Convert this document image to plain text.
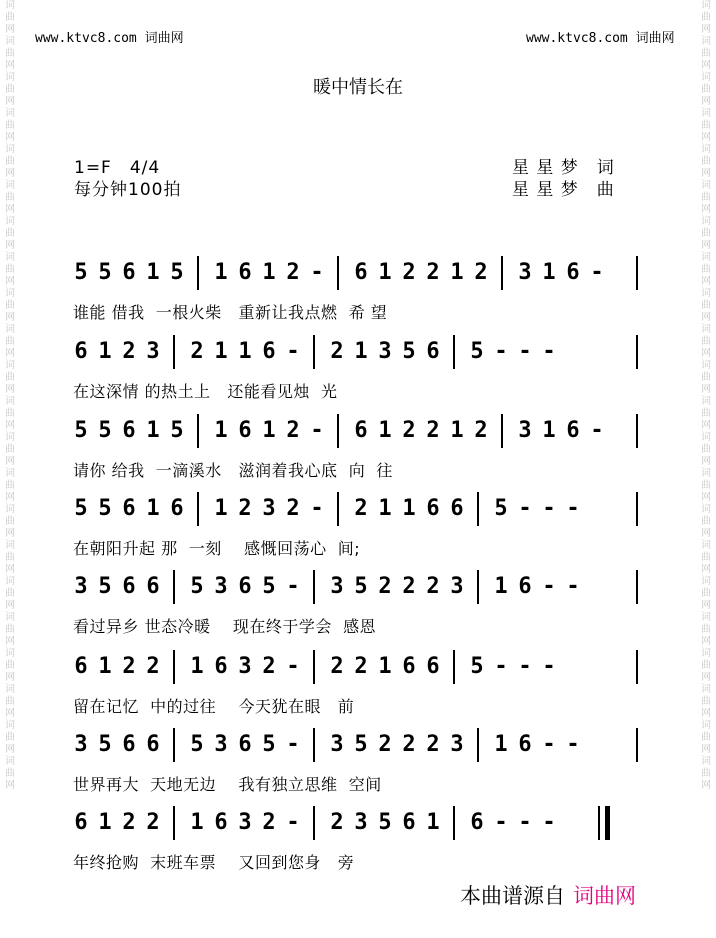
词曲网
词曲网
词曲网
词曲网
词曲网
词曲网
词曲网
词曲网
词曲网
词曲网
词曲网
词曲网
词曲网
词曲网
词曲网
词曲网
词曲网
词曲网
词曲网
词曲网
词曲网
词曲网
词曲网
词曲网
词曲网
词曲网
词曲网
词曲网
词曲网
词曲网
词曲网
词曲网
词曲网
词曲网
词曲网
词曲网
词曲网
词曲网
词曲网
词曲网
词曲网
词曲网
词曲网
词曲网
www.ktvc8.com 词曲网	www.ktvc8.com 词曲网
暖中情长在
1=F　4/4
每分钟100拍
星 星 梦　词
星 星 梦　曲
5 5 6 1 5 1 6 1 2 - 6 1 2 2 1 2 3 1 6 -
谁能 借我  一根火柴   重新让我点燃  希 望
6 1 2 3 2 1 1 6 - 2 1 3 5 6 5 - - -
在这深情 的热土上   还能看见烛  光
5 5 6 1 5 1 6 1 2 - 6 1 2 2 1 2 3 1 6 -
请你 给我  一滴溪水   滋润着我心底  向  往
5 5 6 1 6 1 2 3 2 - 2 1 1 6 6 5 - - -
在朝阳升起 那  一刻    感慨回荡心  间;
3 5 6 6 5 3 6 5 - 3 5 2 2 2 3 1 6 - -
看过异乡 世态冷暖    现在终于学会  感恩
6 1 2 2 1 6 3 2 - 2 2 1 6 6 5 - - -
留在记忆  中的过往    今天犹在眼   前
3 5 6 6 5 3 6 5 - 3 5 2 2 2 3 1 6 - -
世界再大  天地无边    我有独立思维  空间
6 1 2 2 1 6 3 2 - 2 3 5 6 1 6 - - -
年终抢购  末班车票    又回到您身   旁
本曲谱源自 词曲网
